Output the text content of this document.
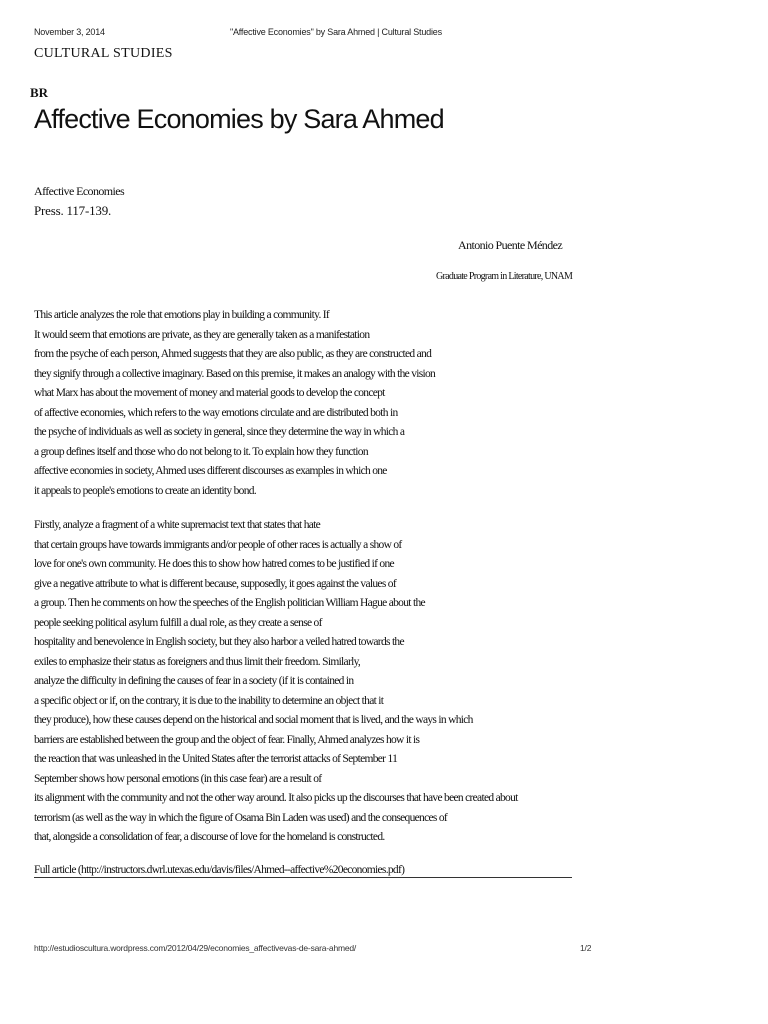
November 3, 2014	"Affective Economies" by Sara Ahmed | Cultural Studies
CULTURAL STUDIES
BR
Affective Economies by Sara Ahmed
Affective Economies
Press. 117-139.
Antonio Puente Méndez
Graduate Program in Literature, UNAM
This article analyzes the role that emotions play in building a community. If
It would seem that emotions are private, as they are generally taken as a manifestation
from the psyche of each person, Ahmed suggests that they are also public, as they are constructed and
they signify through a collective imaginary. Based on this premise, it makes an analogy with the vision
what Marx has about the movement of money and material goods to develop the concept
of affective economies, which refers to the way emotions circulate and are distributed both in
the psyche of individuals as well as society in general, since they determine the way in which a
a group defines itself and those who do not belong to it. To explain how they function
affective economies in society, Ahmed uses different discourses as examples in which one
it appeals to people's emotions to create an identity bond.
Firstly, analyze a fragment of a white supremacist text that states that hate
that certain groups have towards immigrants and/or people of other races is actually a show of
love for one's own community. He does this to show how hatred comes to be justified if one
give a negative attribute to what is different because, supposedly, it goes against the values of
a group. Then he comments on how the speeches of the English politician William Hague about the
people seeking political asylum fulfill a dual role, as they create a sense of
hospitality and benevolence in English society, but they also harbor a veiled hatred towards the
exiles to emphasize their status as foreigners and thus limit their freedom. Similarly,
analyze the difficulty in defining the causes of fear in a society (if it is contained in
a specific object or if, on the contrary, it is due to the inability to determine an object that it
they produce), how these causes depend on the historical and social moment that is lived, and the ways in which
barriers are established between the group and the object of fear. Finally, Ahmed analyzes how it is
the reaction that was unleashed in the United States after the terrorist attacks of September 11
September shows how personal emotions (in this case fear) are a result of
its alignment with the community and not the other way around. It also picks up the discourses that have been created about
terrorism (as well as the way in which the figure of Osama Bin Laden was used) and the consequences of
that, alongside a consolidation of fear, a discourse of love for the homeland is constructed.
Full article (http://instructors.dwrl.utexas.edu/davis/files/Ahmed--affective%20economies.pdf)
http://estudioscultura.wordpress.com/2012/04/29/economies_affectivevas-de-sara-ahmed/	1/2
